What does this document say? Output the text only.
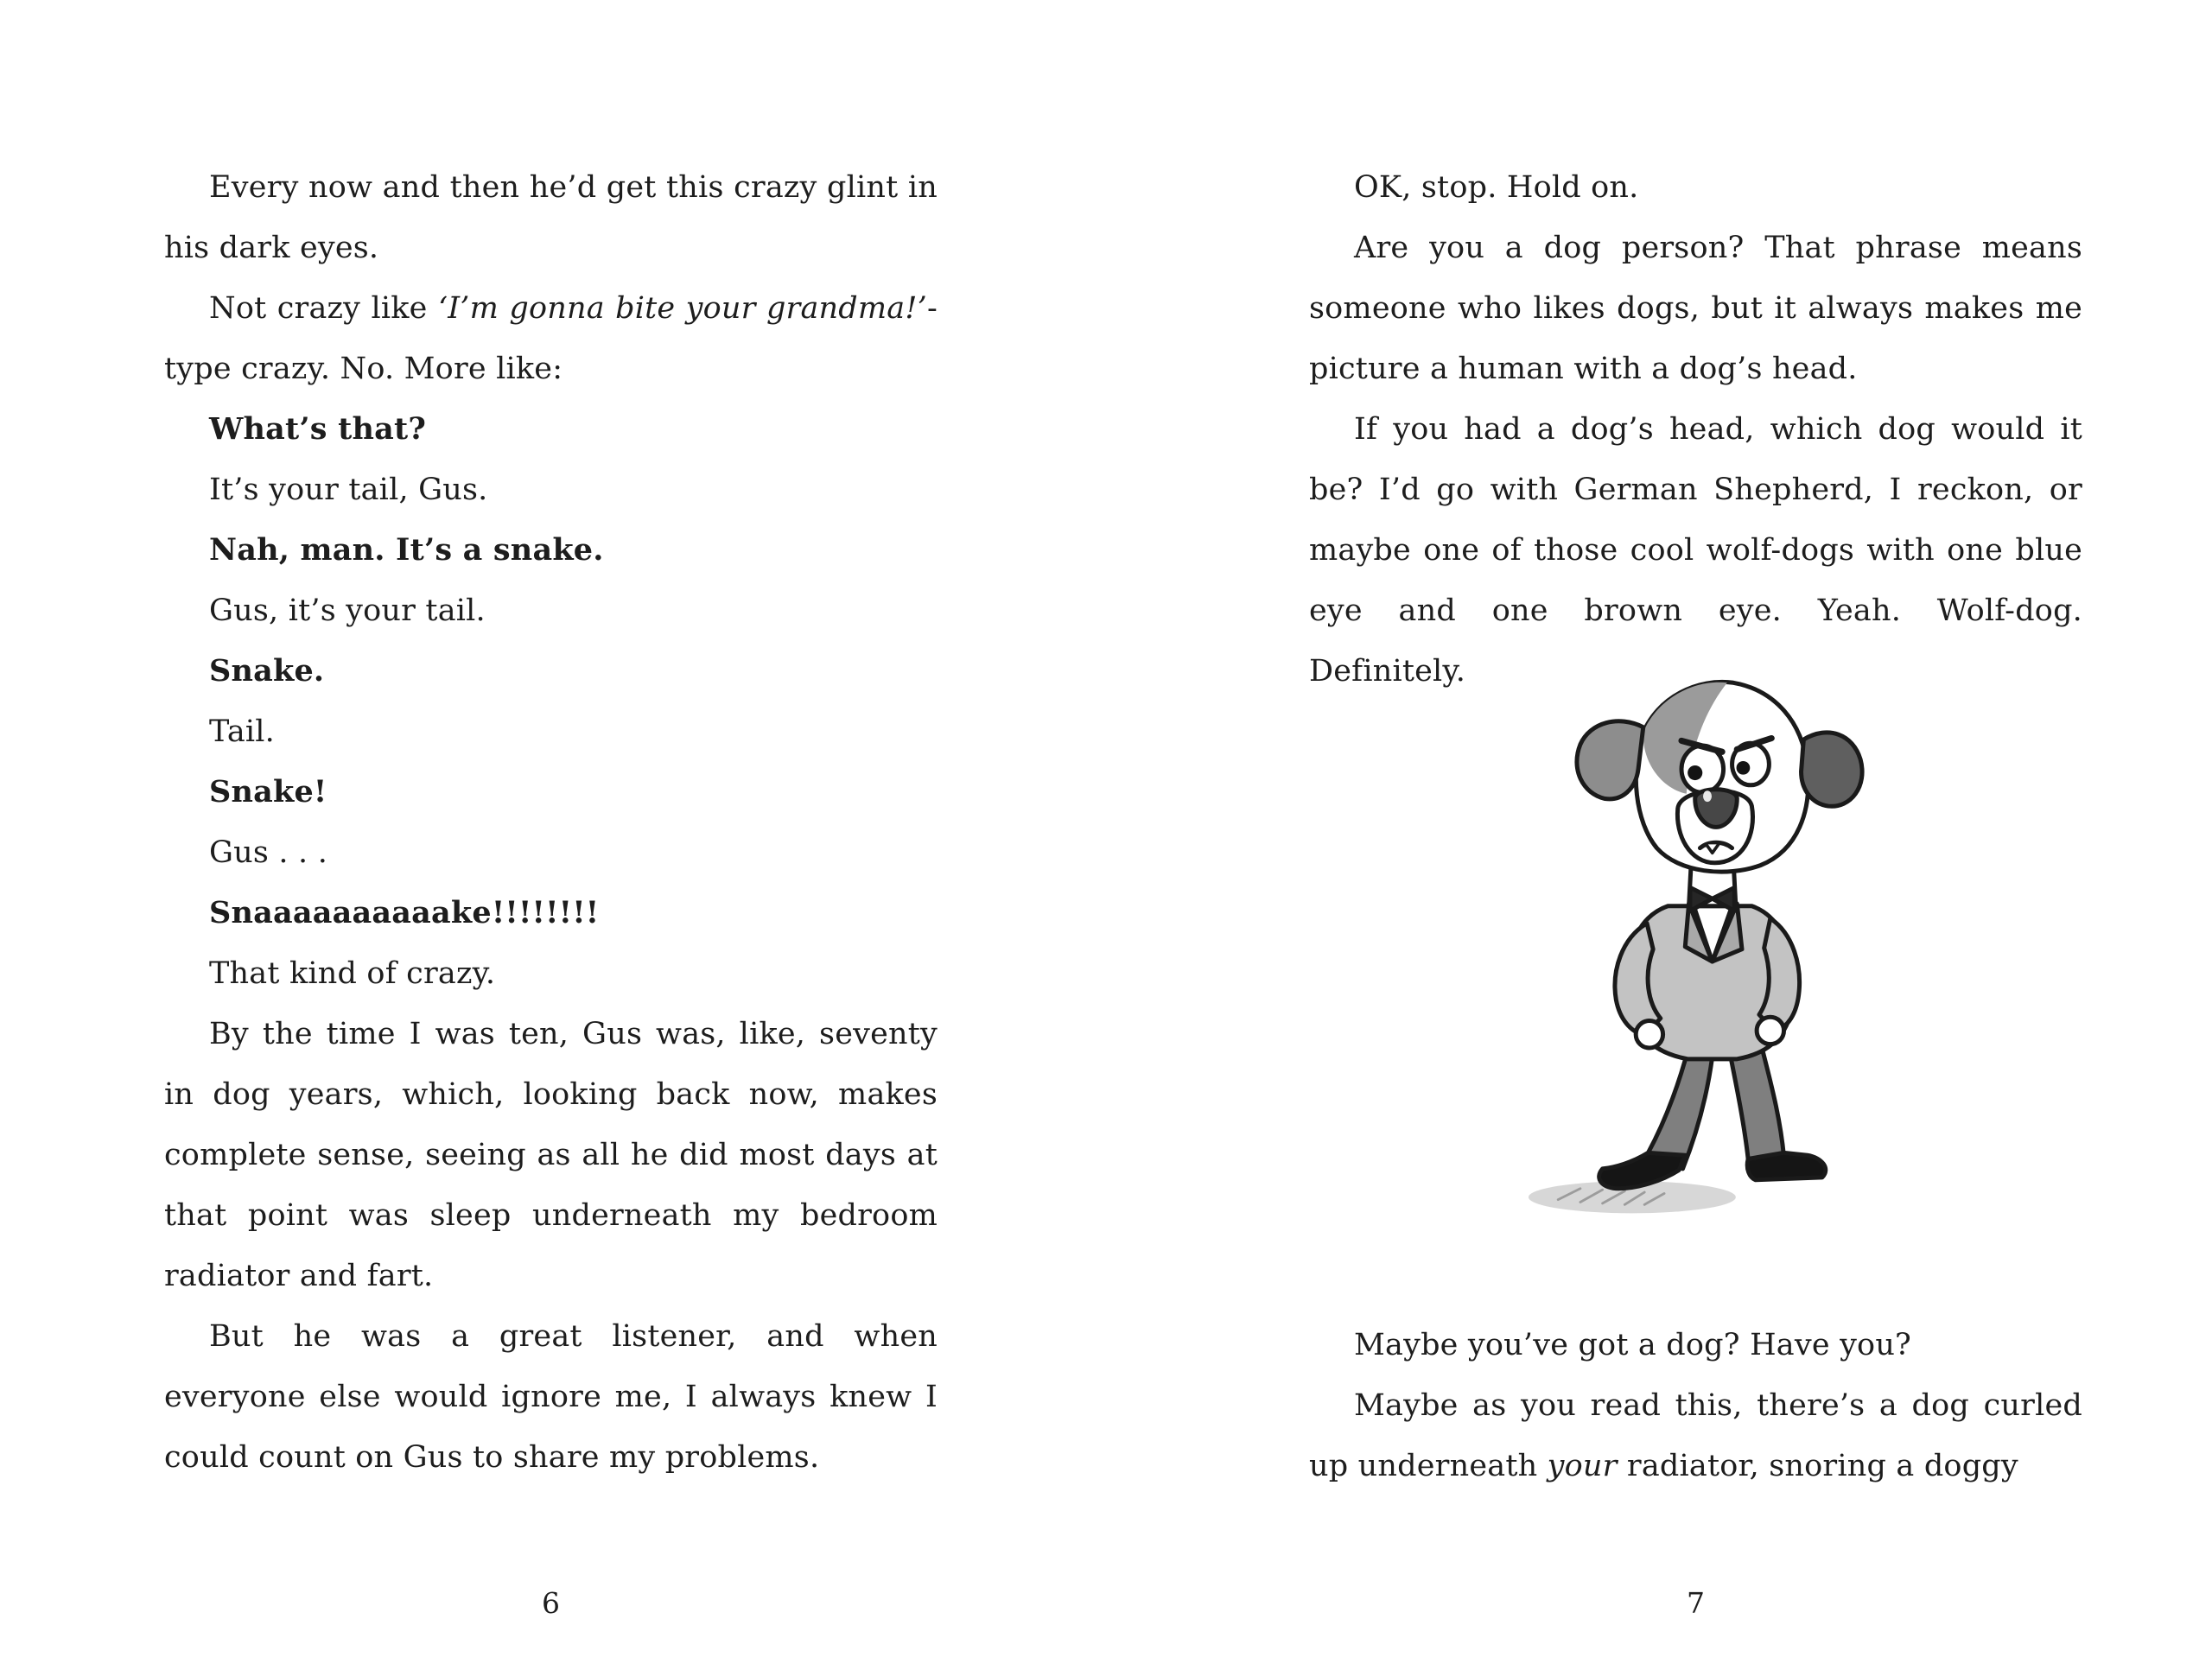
Every now and then he’d get this crazy glint in his dark eyes.

Not crazy like ‘I’m gonna bite your grandma!’-type crazy. No. More like:

What’s that?

It’s your tail, Gus.

Nah, man. It’s a snake.

Gus, it’s your tail.

Snake.

Tail.

Snake!

Gus . . .

Snaaaaaaaaaake!!!!!!!!

That kind of crazy.

By the time I was ten, Gus was, like, seventy in dog years, which, looking back now, makes complete sense, seeing as all he did most days at that point was sleep underneath my bedroom radiator and fart.

But he was a great listener, and when everyone else would ignore me, I always knew I could count on Gus to share my problems.

6

OK, stop. Hold on.

Are you a dog person? That phrase means someone who likes dogs, but it always makes me picture a human with a dog’s head.

If you had a dog’s head, which dog would it be? I’d go with German Shepherd, I reckon, or maybe one of those cool wolf-dogs with one blue eye and one brown eye. Yeah. Wolf-dog. Definitely.

Maybe you’ve got a dog? Have you?

Maybe as you read this, there’s a dog curled up underneath your radiator, snoring a doggy

7
